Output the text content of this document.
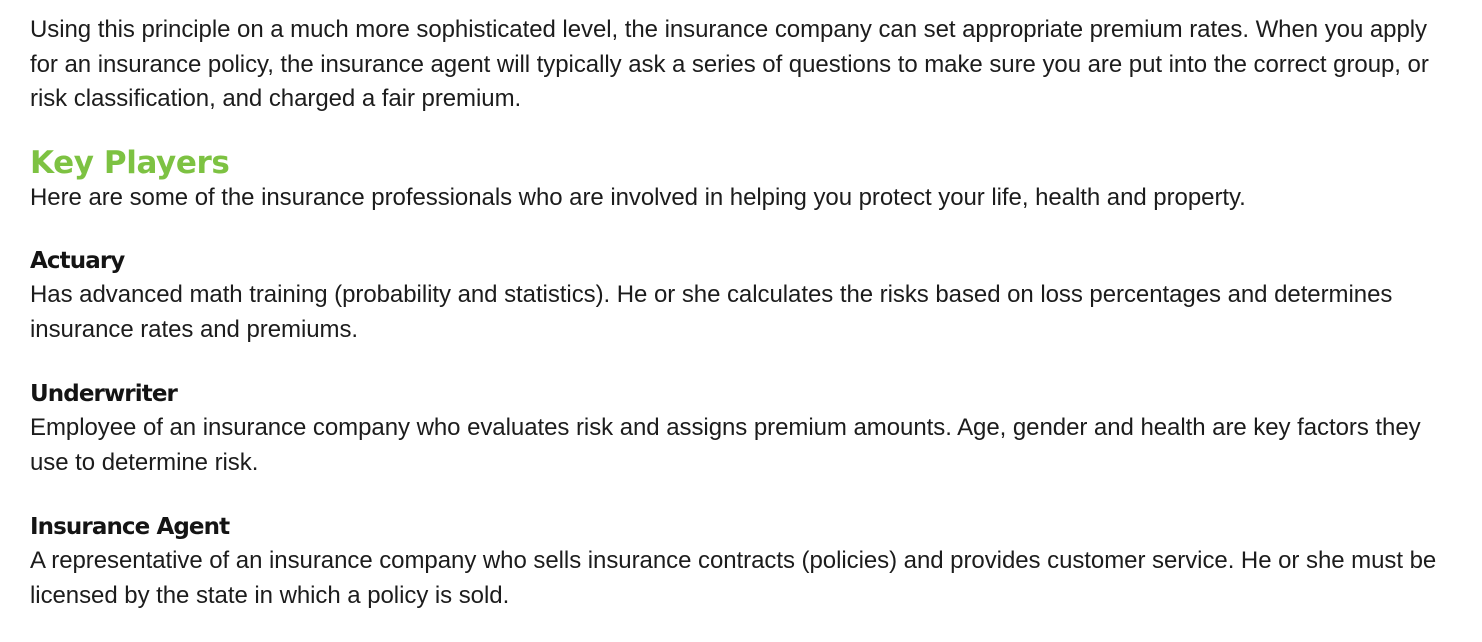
Using this principle on a much more sophisticated level, the insurance company can set appropriate premium rates. When you apply for an insurance policy, the insurance agent will typically ask a series of questions to make sure you are put into the correct group, or risk classification, and charged a fair premium.

Key Players

Here are some of the insurance professionals who are involved in helping you protect your life, health and property.

Actuary

Has advanced math training (probability and statistics). He or she calculates the risks based on loss percentages and determines insurance rates and premiums.

Underwriter

Employee of an insurance company who evaluates risk and assigns premium amounts. Age, gender and health are key factors they use to determine risk.

Insurance Agent

A representative of an insurance company who sells insurance contracts (policies) and provides customer service. He or she must be licensed by the state in which a policy is sold.
